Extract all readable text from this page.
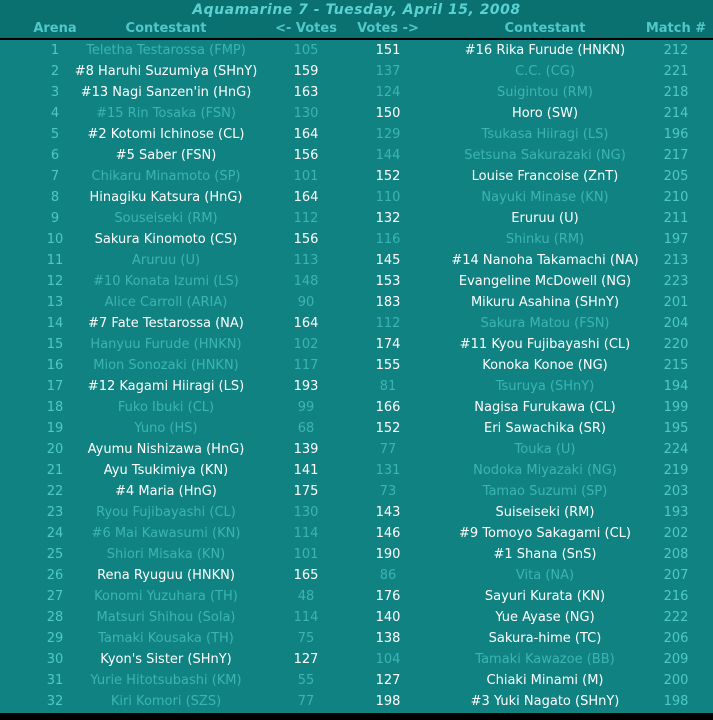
Aquamarine 7 - Tuesday, April 15, 2008
Arena	Contestant	<- Votes Votes ->	Contestant	Match #
1 Teletha Testarossa (FMP)	105	151	#16 Rika Furude (HNKN)	212
2 #8 Haruhi Suzumiya (SHnY)	159	137	C.C. (CG)	221
3 #13 Nagi Sanzen'in (HnG)	163	124	Suigintou (RM)	218
4	#15 Rin Tosaka (FSN)	130	150	Horo (SW)	214
5 #2 Kotomi Ichinose (CL)	164	129	Tsukasa Hiiragi (LS)	196
6	#5 Saber (FSN)	156	144	Setsuna Sakurazaki (NG)	217
7 Chikaru Minamoto (SP)	101	152	Louise Francoise (ZnT)	205
8 Hinagiku Katsura (HnG)	164	110	Nayuki Minase (KN)	210
9	Souseiseki (RM)	112	132	Eruruu (U)	211
10 Sakura Kinomoto (CS)	156	116	Shinku (RM)	197
11	Aruruu (U)	113	145	#14 Nanoha Takamachi (NA) 213
12 #10 Konata Izumi (LS)	148	153	Evangeline McDowell (NG) 223
13	Alice Carroll (ARIA)	90	183	Mikuru Asahina (SHnY)	201
14 #7 Fate Testarossa (NA)	164	112	Sakura Matou (FSN)	204
15 Hanyuu Furude (HNKN)	102	174	#11 Kyou Fujibayashi (CL)	220
16 Mion Sonozaki (HNKN)	117	155	Konoka Konoe (NG)	215
17 #12 Kagami Hiiragi (LS)	193	81	Tsuruya (SHnY)	194
18	Fuko Ibuki (CL)	99	166	Nagisa Furukawa (CL)	199
19	Yuno (HS)	68	152	Eri Sawachika (SR)	195
20 Ayumu Nishizawa (HnG)	139	77	Touka (U)	224
21	Ayu Tsukimiya (KN)	141	131	Nodoka Miyazaki (NG)	219
22	#4 Maria (HnG)	175	73	Tamao Suzumi (SP)	203
23	Ryou Fujibayashi (CL)	130	143	Suiseiseki (RM)	193
24 #6 Mai Kawasumi (KN)	114	146	#9 Tomoyo Sakagami (CL)	202
25	Shiori Misaka (KN)	101	190	#1 Shana (SnS)	208
26	Rena Ryuguu (HNKN)	165	86	Vita (NA)	207
27 Konomi Yuzuhara (TH)	48	176	Sayuri Kurata (KN)	216
28	Matsuri Shihou (Sola)	114	140	Yue Ayase (NG)	222
29	Tamaki Kousaka (TH)	75	138	Sakura-hime (TC)	206
30	Kyon's Sister (SHnY)	127	104	Tamaki Kawazoe (BB)	209
31 Yurie Hitotsubashi (KM)	55	127	Chiaki Minami (M)	200
32	Kiri Komori (SZS)	77	198	#3 Yuki Nagato (SHnY)	198
